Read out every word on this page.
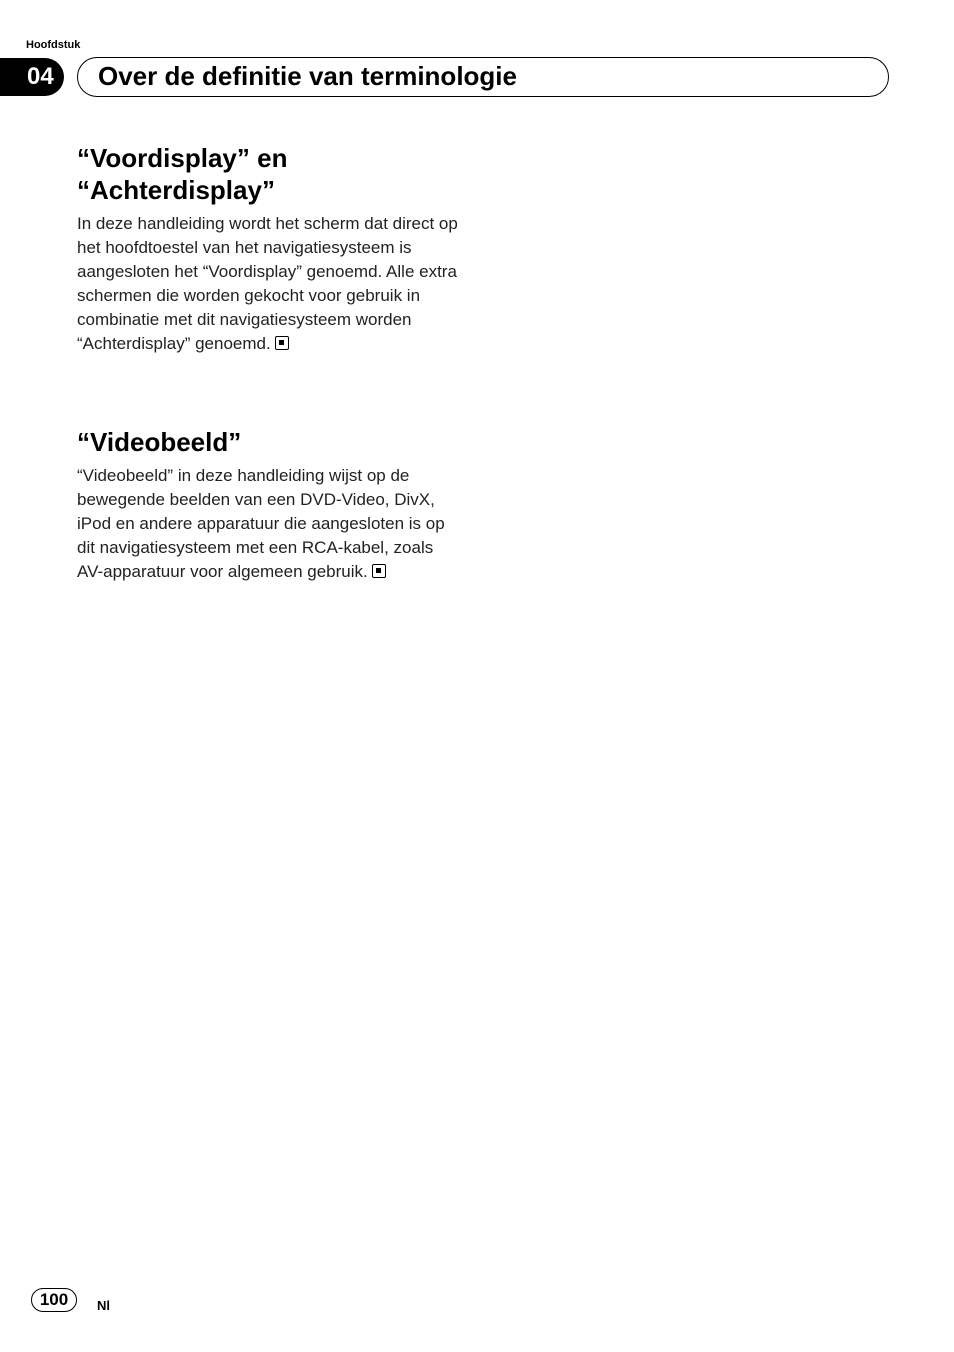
Hoofdstuk
04	Over de definitie van terminologie
“Voordisplay” en
“Achterdisplay”

In deze handleiding wordt het scherm dat direct op het hoofdtoestel van het navigatiesysteem is aangesloten het “Voordisplay” genoemd. Alle extra schermen die worden gekocht voor gebruik in combinatie met dit navigatiesysteem worden “Achterdisplay” genoemd.

“Videobeeld”

“Videobeeld” in deze handleiding wijst op de bewegende beelden van een DVD-Video, DivX, iPod en andere apparatuur die aangesloten is op dit navigatiesysteem met een RCA-kabel, zoals AV-apparatuur voor algemeen gebruik.

100	Nl
